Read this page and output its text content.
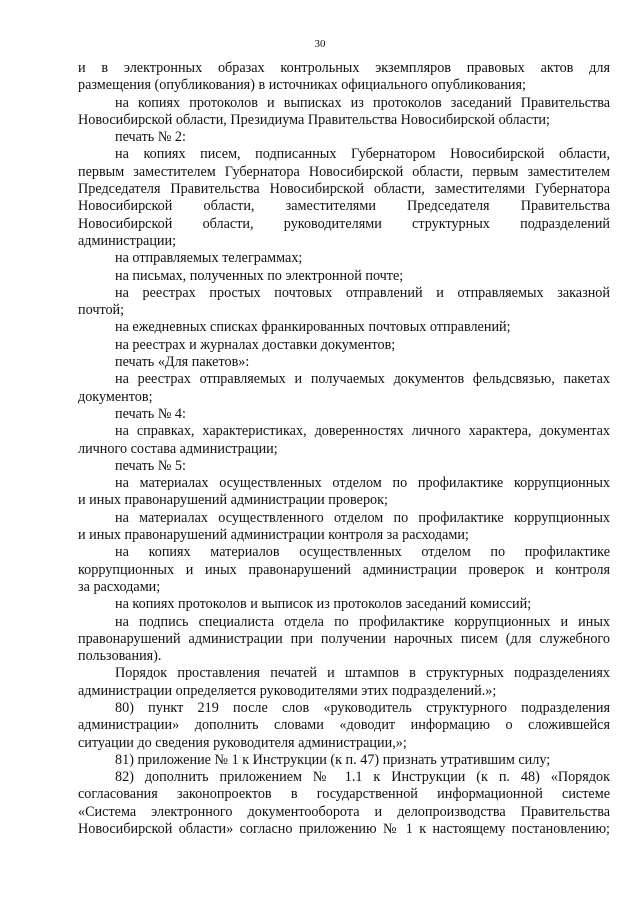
30
и в электронных образах контрольных экземпляров правовых актов для
размещения (опубликования) в источниках официального опубликования;
на копиях протоколов и выписках из протоколов заседаний Правительства
Новосибирской области, Президиума Правительства Новосибирской области;
печать № 2:
на копиях писем, подписанных Губернатором Новосибирской области,
первым заместителем Губернатора Новосибирской области, первым заместителем
Председателя Правительства Новосибирской области, заместителями Губернатора
Новосибирской области, заместителями Председателя Правительства
Новосибирской области, руководителями структурных подразделений
администрации;
на отправляемых телеграммах;
на письмах, полученных по электронной почте;
на реестрах простых почтовых отправлений и отправляемых заказной
почтой;
на ежедневных списках франкированных почтовых отправлений;
на реестрах и журналах доставки документов;
печать «Для пакетов»:
на реестрах отправляемых и получаемых документов фельдсвязью, пакетах
документов;
печать № 4:
на справках, характеристиках, доверенностях личного характера, документах
личного состава администрации;
печать № 5:
на материалах осуществленных отделом по профилактике коррупционных
и иных правонарушений администрации проверок;
на материалах осуществленного отделом по профилактике коррупционных
и иных правонарушений администрации контроля за расходами;
на копиях материалов осуществленных отделом по профилактике
коррупционных и иных правонарушений администрации проверок и контроля
за расходами;
на копиях протоколов и выписок из протоколов заседаний комиссий;
на подпись специалиста отдела по профилактике коррупционных и иных
правонарушений администрации при получении нарочных писем (для служебного
пользования).
Порядок проставления печатей и штампов в структурных подразделениях
администрации определяется руководителями этих подразделений.»;
80) пункт 219 после слов «руководитель структурного подразделения
администрации» дополнить словами «доводит информацию о сложившейся
ситуации до сведения руководителя администрации,»;
81) приложение № 1 к Инструкции (к п. 47) признать утратившим силу;
82) дополнить приложением № 1.1 к Инструкции (к п. 48) «Порядок
согласования законопроектов в государственной информационной системе
«Система электронного документооборота и делопроизводства Правительства
Новосибирской области» согласно приложению № 1 к настоящему постановлению;
